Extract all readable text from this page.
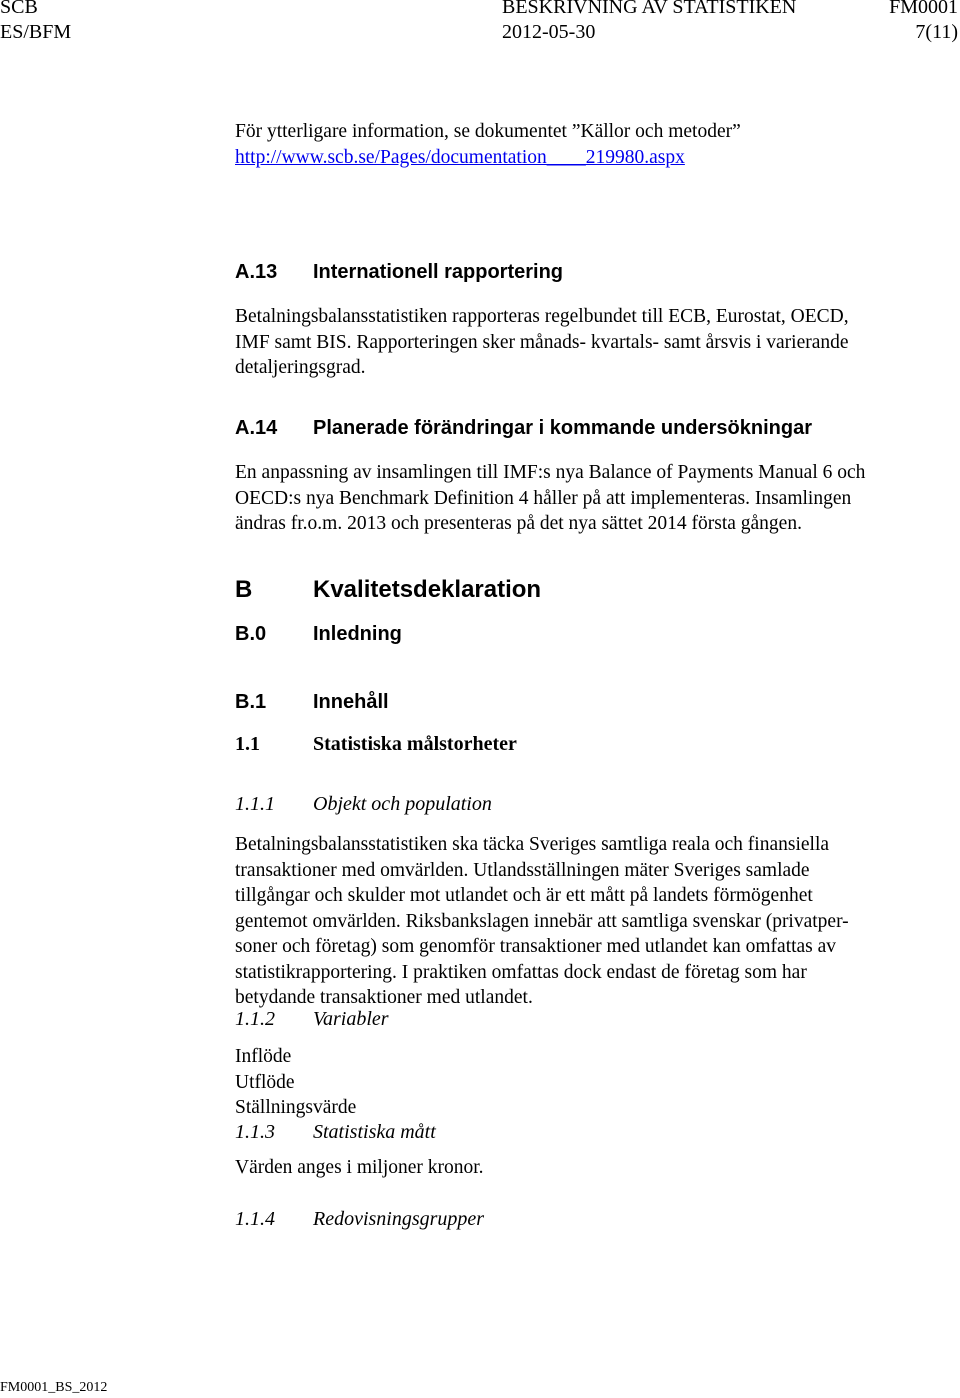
SCB
ES/BFM
BESKRIVNING AV STATISTIKEN
2012-05-30
FM0001
7(11)
För ytterligare information, se dokumentet ”Källor och metoder”
http://www.scb.se/Pages/documentation____219980.aspx
A.13 Internationell rapportering

Betalningsbalansstatistiken rapporteras regelbundet till ECB, Eurostat, OECD,

IMF samt BIS. Rapporteringen sker månads- kvartals- samt årsvis i varierande

detaljeringsgrad.

A.14 Planerade förändringar i kommande undersökningar

En anpassning av insamlingen till IMF:s nya Balance of Payments Manual 6 och

OECD:s nya Benchmark Definition 4 håller på att implementeras. Insamlingen

ändras fr.o.m. 2013 och presenteras på det nya sättet 2014 första gången.

B	Kvalitetsdeklaration
B.0 Inledning
B.1 Innehåll
1.1	Statistiska målstorheter
1.1.1 Objekt och population

Betalningsbalansstatistiken ska täcka Sveriges samtliga reala och finansiella

transaktioner med omvärlden. Utlandsställningen mäter Sveriges samlade

tillgångar och skulder mot utlandet och är ett mått på landets förmögenhet

gentemot omvärlden. Riksbankslagen innebär att samtliga svenskar (privatper-

soner och företag) som genomför transaktioner med utlandet kan omfattas av

statistikrapportering. I praktiken omfattas dock endast de företag som har

betydande transaktioner med utlandet.

1.1.2 Variabler

Inflöde

Utflöde

Ställningsvärde

1.1.3 Statistiska mått
Värden anges i miljoner kronor.
1.1.4 Redovisningsgrupper
FM0001_BS_2012
